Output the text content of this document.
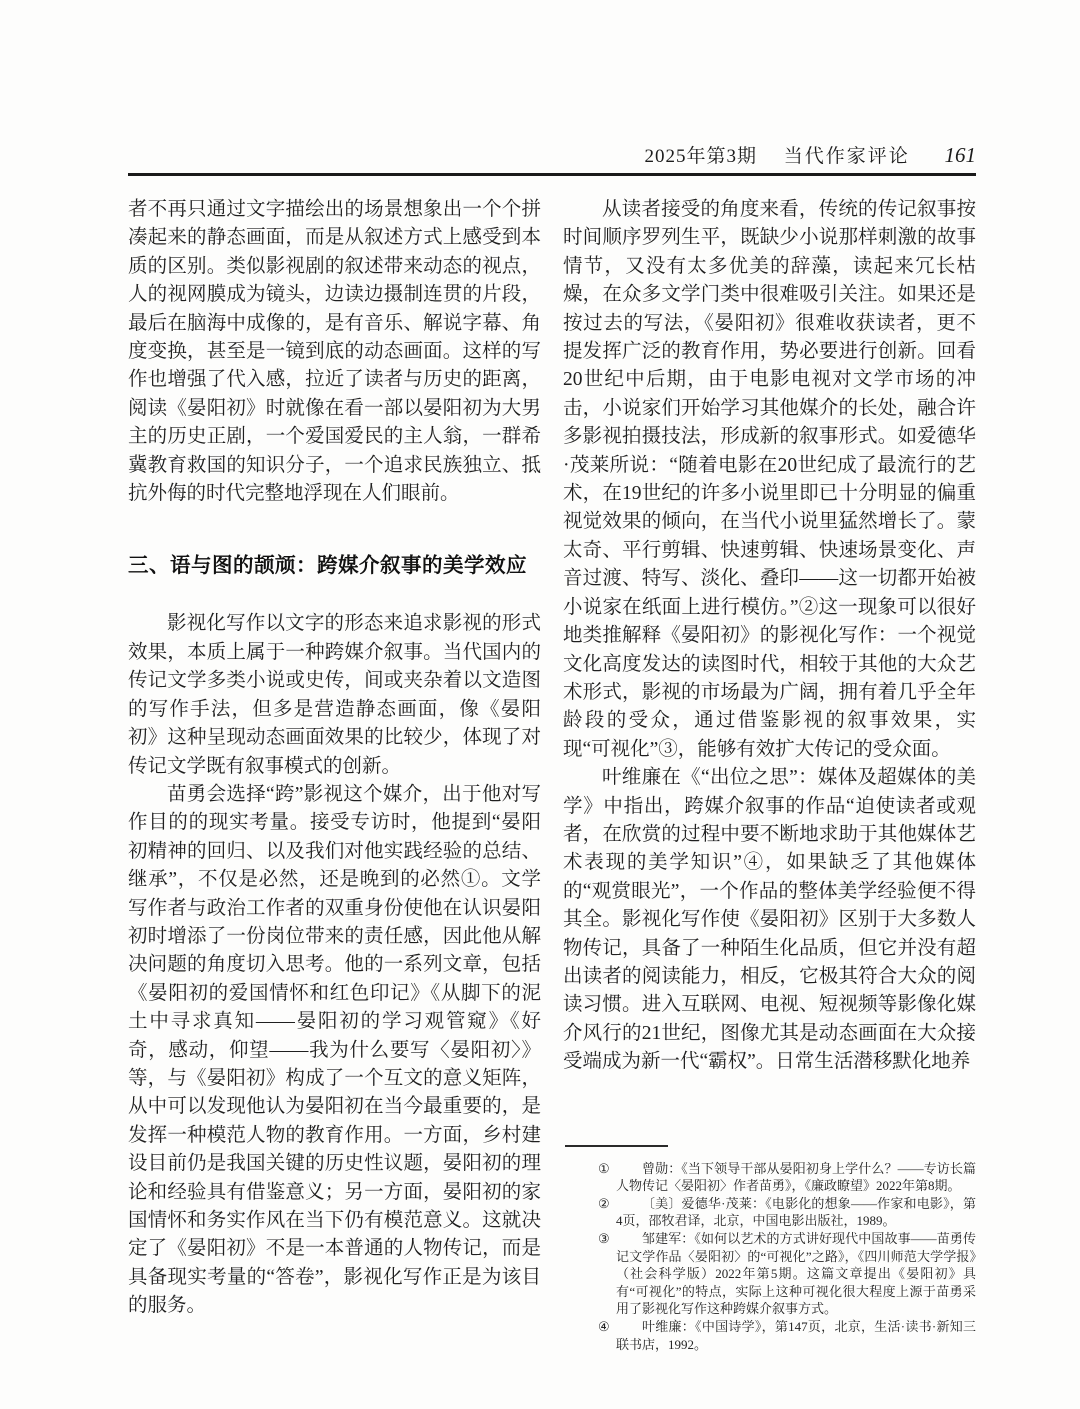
2025年第3期 当代作家评论 161

者不再只通过文字描绘出的场景想象出一个个拼凑起来的静态画面，而是从叙述方式上感受到本质的区别。类似影视剧的叙述带来动态的视点，人的视网膜成为镜头，边读边摄制连贯的片段，最后在脑海中成像的，是有音乐、解说字幕、角度变换，甚至是一镜到底的动态画面。这样的写作也增强了代入感，拉近了读者与历史的距离，阅读《晏阳初》时就像在看一部以晏阳初为大男主的历史正剧，一个爱国爱民的主人翁，一群希冀教育救国的知识分子，一个追求民族独立、抵抗外侮的时代完整地浮现在人们眼前。

三、语与图的颉颃：跨媒介叙事的美学效应

影视化写作以文字的形态来追求影视的形式效果，本质上属于一种跨媒介叙事。当代国内的传记文学多类小说或史传，间或夹杂着以文造图的写作手法，但多是营造静态画面，像《晏阳初》这种呈现动态画面效果的比较少，体现了对传记文学既有叙事模式的创新。

苗勇会选择“跨”影视这个媒介，出于他对写作目的的现实考量。接受专访时，他提到“晏阳初精神的回归、以及我们对他实践经验的总结、继承”，不仅是必然，还是晚到的必然①。文学写作者与政治工作者的双重身份使他在认识晏阳初时增添了一份岗位带来的责任感，因此他从解决问题的角度切入思考。他的一系列文章，包括《晏阳初的爱国情怀和红色印记》《从脚下的泥土中寻求真知——晏阳初的学习观管窥》《好奇，感动，仰望——我为什么要写〈晏阳初〉》等，与《晏阳初》构成了一个互文的意义矩阵，从中可以发现他认为晏阳初在当今最重要的，是发挥一种模范人物的教育作用。一方面，乡村建设目前仍是我国关键的历史性议题，晏阳初的理论和经验具有借鉴意义；另一方面，晏阳初的家国情怀和务实作风在当下仍有模范意义。这就决定了《晏阳初》不是一本普通的人物传记，而是具备现实考量的“答卷”，影视化写作正是为该目的服务。

从读者接受的角度来看，传统的传记叙事按时间顺序罗列生平，既缺少小说那样刺激的故事情节，又没有太多优美的辞藻，读起来冗长枯燥，在众多文学门类中很难吸引关注。如果还是按过去的写法，《晏阳初》很难收获读者，更不提发挥广泛的教育作用，势必要进行创新。回看20世纪中后期，由于电影电视对文学市场的冲击，小说家们开始学习其他媒介的长处，融合许多影视拍摄技法，形成新的叙事形式。如爱德华·茂莱所说：“随着电影在20世纪成了最流行的艺术，在19世纪的许多小说里即已十分明显的偏重视觉效果的倾向，在当代小说里猛然增长了。蒙太奇、平行剪辑、快速剪辑、快速场景变化、声音过渡、特写、淡化、叠印——这一切都开始被小说家在纸面上进行模仿。”②这一现象可以很好地类推解释《晏阳初》的影视化写作：一个视觉文化高度发达的读图时代，相较于其他的大众艺术形式，影视的市场最为广阔，拥有着几乎全年龄段的受众，通过借鉴影视的叙事效果，实现“可视化”③，能够有效扩大传记的受众面。

叶维廉在《“出位之思”：媒体及超媒体的美学》中指出，跨媒介叙事的作品“迫使读者或观者，在欣赏的过程中要不断地求助于其他媒体艺术表现的美学知识”④，如果缺乏了其他媒体的“观赏眼光”，一个作品的整体美学经验便不得其全。影视化写作使《晏阳初》区别于大多数人物传记，具备了一种陌生化品质，但它并没有超出读者的阅读能力，相反，它极其符合大众的阅读习惯。进入互联网、电视、短视频等影像化媒介风行的21世纪，图像尤其是动态画面在大众接受端成为新一代“霸权”。日常生活潜移默化地养

① 曾勋：《当下领导干部从晏阳初身上学什么？——专访长篇人物传记〈晏阳初〉作者苗勇》，《廉政瞭望》2022年第8期。

② 〔美〕爱德华·茂莱：《电影化的想象——作家和电影》，第4页，邵牧君译，北京，中国电影出版社，1989。

③ 邹建军：《如何以艺术的方式讲好现代中国故事——苗勇传记文学作品〈晏阳初〉的“可视化”之路》，《四川师范大学学报》（社会科学版）2022年第5期。这篇文章提出《晏阳初》具有“可视化”的特点，实际上这种可视化很大程度上源于苗勇采用了影视化写作这种跨媒介叙事方式。

④ 叶维廉：《中国诗学》，第147页，北京，生活·读书·新知三联书店，1992。
